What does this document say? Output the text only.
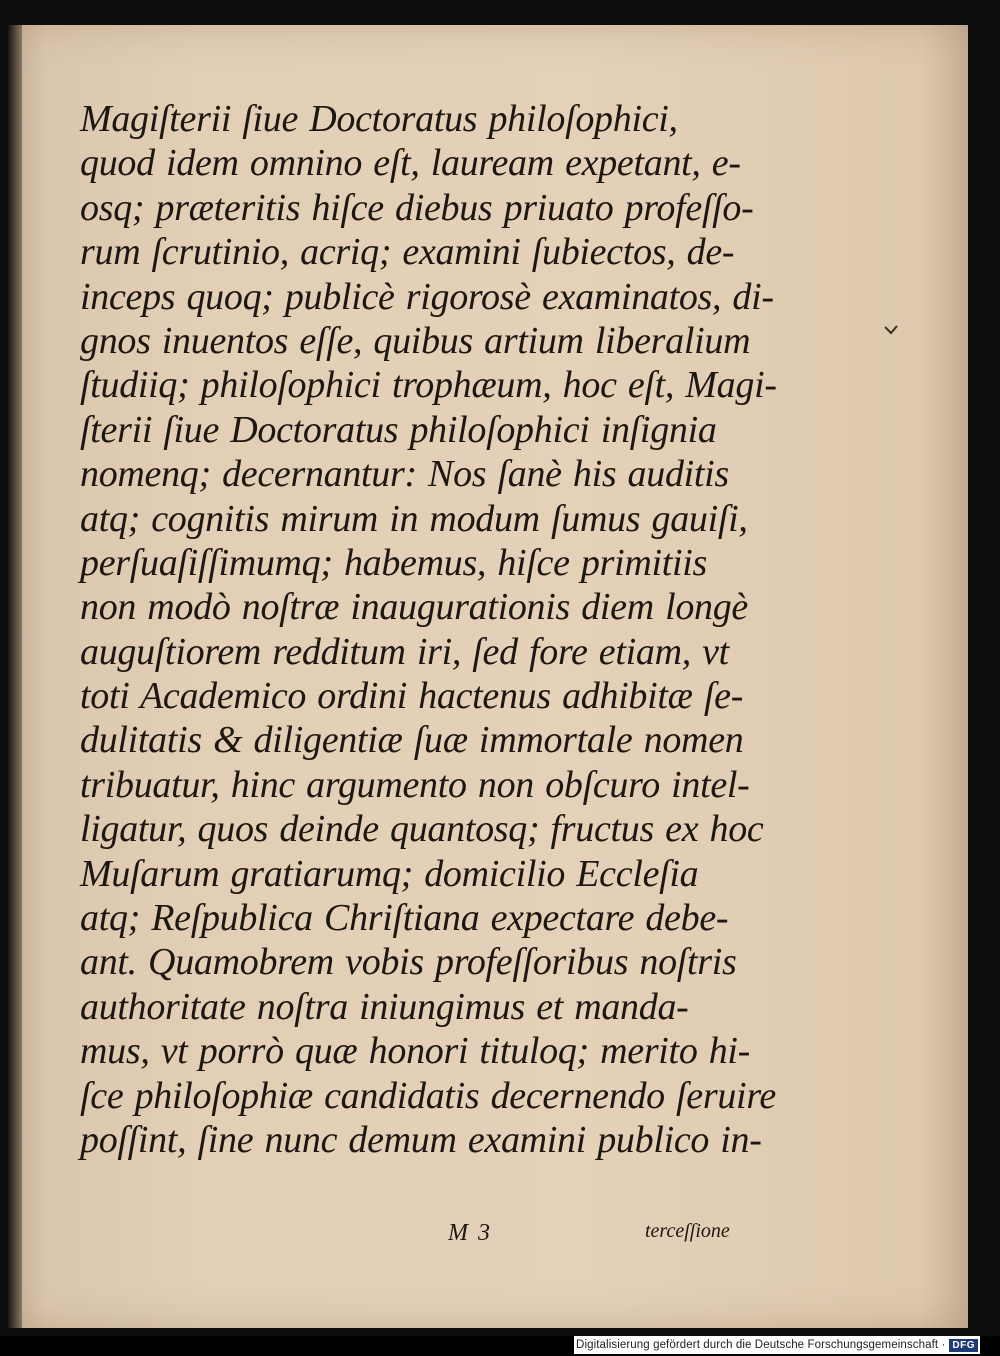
Magiſterii ſiue Doctoratus philoſophici,
quod idem omnino eſt, lauream expetant, e-
osq; præteritis hiſce diebus priuato profeſſo-
rum ſcrutinio, acriq; examini ſubiectos, de-
inceps quoq; publicè rigorosè examinatos, di-
gnos inuentos eſſe, quibus artium liberalium
ſtudiiq; philoſophici trophæum, hoc eſt, Magi-
ſterii ſiue Doctoratus philoſophici inſignia
nomenq; decernantur: Nos ſanè his auditis
atq; cognitis mirum in modum ſumus gauiſi,
perſuaſiſſimumq; habemus, hiſce primitiis
non modò noſtræ inaugurationis diem longè
auguſtiorem redditum iri, ſed fore etiam, vt
toti Academico ordini hactenus adhibitæ ſe-
dulitatis & diligentiæ ſuæ immortale nomen
tribuatur, hinc argumento non obſcuro intel-
ligatur, quos deinde quantosq; fructus ex hoc
Muſarum gratiarumq; domicilio Eccleſia
atq; Reſpublica Chriſtiana expectare debe-
ant. Quamobrem vobis profeſſoribus noſtris
authoritate noſtra iniungimus et manda-
mus, vt porrò quæ honori tituloq; merito hi-
ſce philoſophiæ candidatis decernendo ſeruire
poſſint, ſine nunc demum examini publico in-
M 3	terceſſione
Digitalisierung gefördert durch die Deutsche Forschungsgemeinschaft · DFG
